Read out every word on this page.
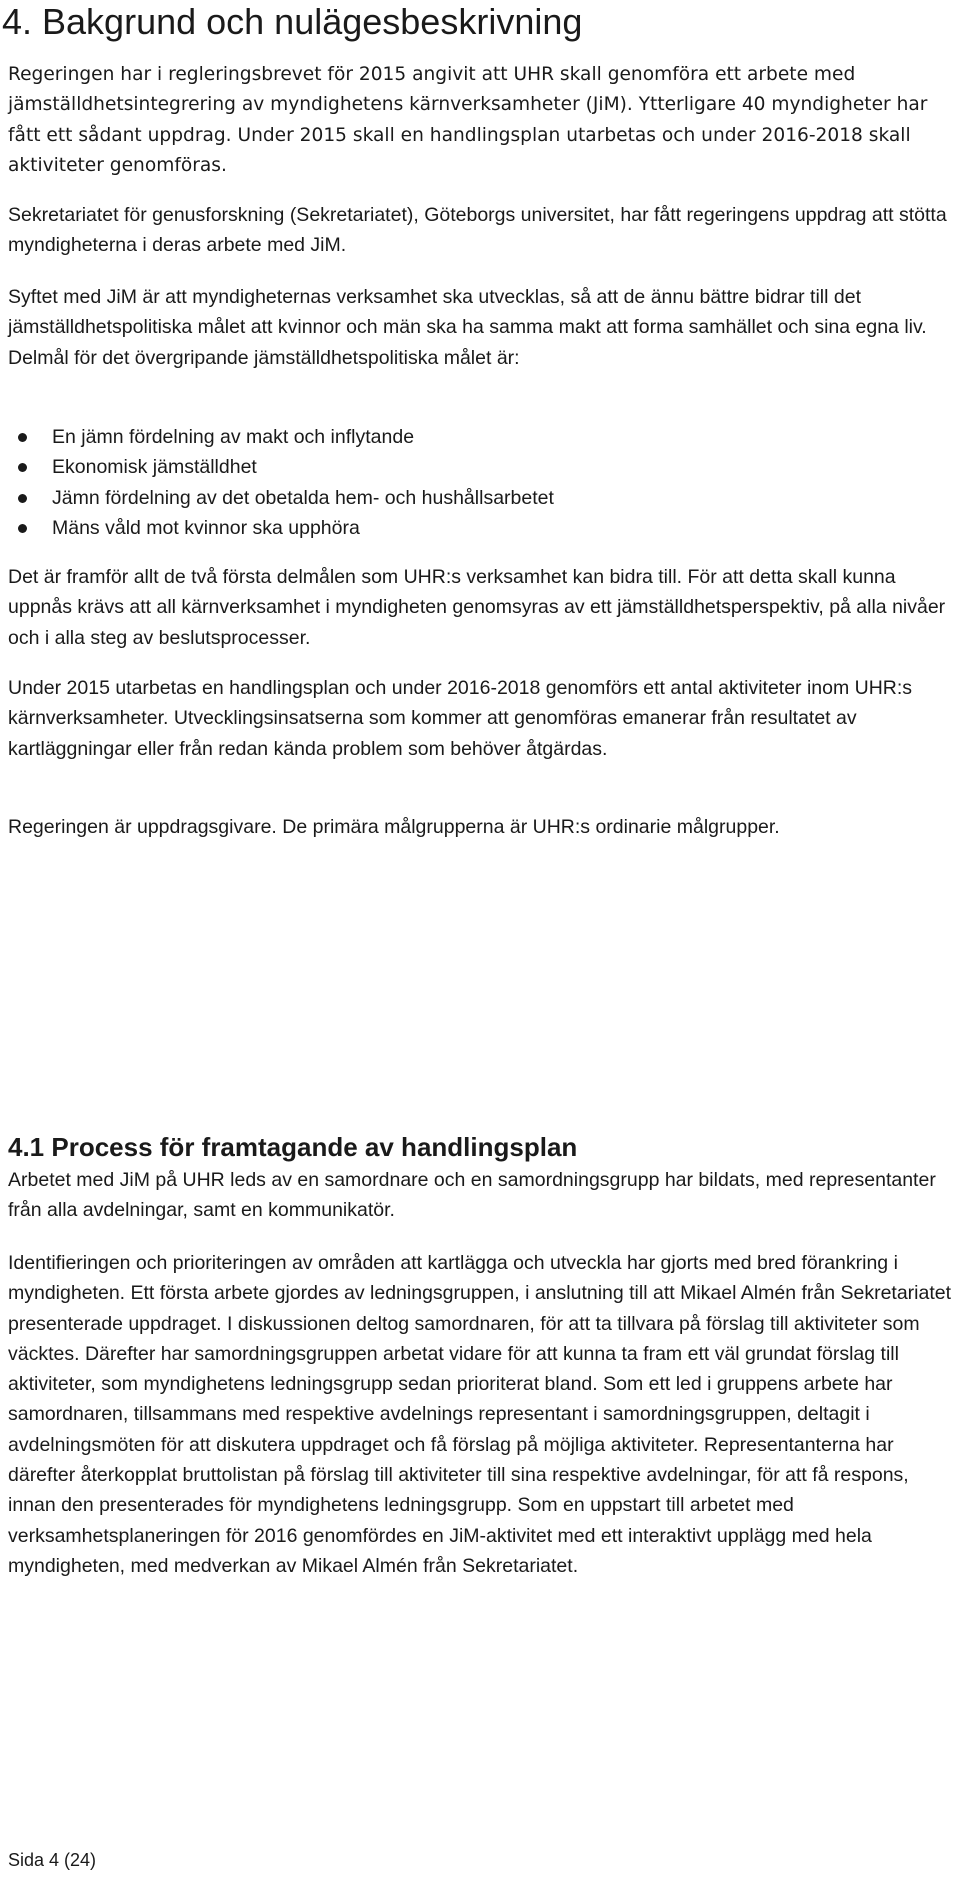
4. Bakgrund och nulägesbeskrivning

Regeringen har i regleringsbrevet för 2015 angivit att UHR skall genomföra ett arbete med jämställdhetsintegrering av myndighetens kärnverksamheter (JiM). Ytterligare 40 myndigheter har fått ett sådant uppdrag. Under 2015 skall en handlingsplan utarbetas och under 2016-2018 skall aktiviteter genomföras.

Sekretariatet för genusforskning (Sekretariatet), Göteborgs universitet, har fått regeringens uppdrag att stötta myndigheterna i deras arbete med JiM.

Syftet med JiM är att myndigheternas verksamhet ska utvecklas, så att de ännu bättre bidrar till det jämställdhetspolitiska målet att kvinnor och män ska ha samma makt att forma samhället och sina egna liv. Delmål för det övergripande jämställdhetspolitiska målet är:

En jämn fördelning av makt och inflytande
Ekonomisk jämställdhet
Jämn fördelning av det obetalda hem- och hushållsarbetet
Mäns våld mot kvinnor ska upphöra

Det är framför allt de två första delmålen som UHR:s verksamhet kan bidra till. För att detta skall kunna uppnås krävs att all kärnverksamhet i myndigheten genomsyras av ett jämställdhetsperspektiv, på alla nivåer och i alla steg av beslutsprocesser.

Under 2015 utarbetas en handlingsplan och under 2016-2018 genomförs ett antal aktiviteter inom UHR:s kärnverksamheter. Utvecklingsinsatserna som kommer att genomföras emanerar från resultatet av kartläggningar eller från redan kända problem som behöver åtgärdas.

Regeringen är uppdragsgivare. De primära målgrupperna är UHR:s ordinarie målgrupper.

4.1 Process för framtagande av handlingsplan

Arbetet med JiM på UHR leds av en samordnare och en samordningsgrupp har bildats, med representanter från alla avdelningar, samt en kommunikatör.

Identifieringen och prioriteringen av områden att kartlägga och utveckla har gjorts med bred förankring i myndigheten. Ett första arbete gjordes av ledningsgruppen, i anslutning till att Mikael Almén från Sekretariatet presenterade uppdraget. I diskussionen deltog samordnaren, för att ta tillvara på förslag till aktiviteter som väcktes. Därefter har samordningsgruppen arbetat vidare för att kunna ta fram ett väl grundat förslag till aktiviteter, som myndighetens ledningsgrupp sedan prioriterat bland. Som ett led i gruppens arbete har samordnaren, tillsammans med respektive avdelnings representant i samordningsgruppen, deltagit i avdelningsmöten för att diskutera uppdraget och få förslag på möjliga aktiviteter. Representanterna har därefter återkopplat bruttolistan på förslag till aktiviteter till sina respektive avdelningar, för att få respons, innan den presenterades för myndighetens ledningsgrupp. Som en uppstart till arbetet med verksamhetsplaneringen för 2016 genomfördes en JiM-aktivitet med ett interaktivt upplägg med hela myndigheten, med medverkan av Mikael Almén från Sekretariatet.

Sida 4 (24)
